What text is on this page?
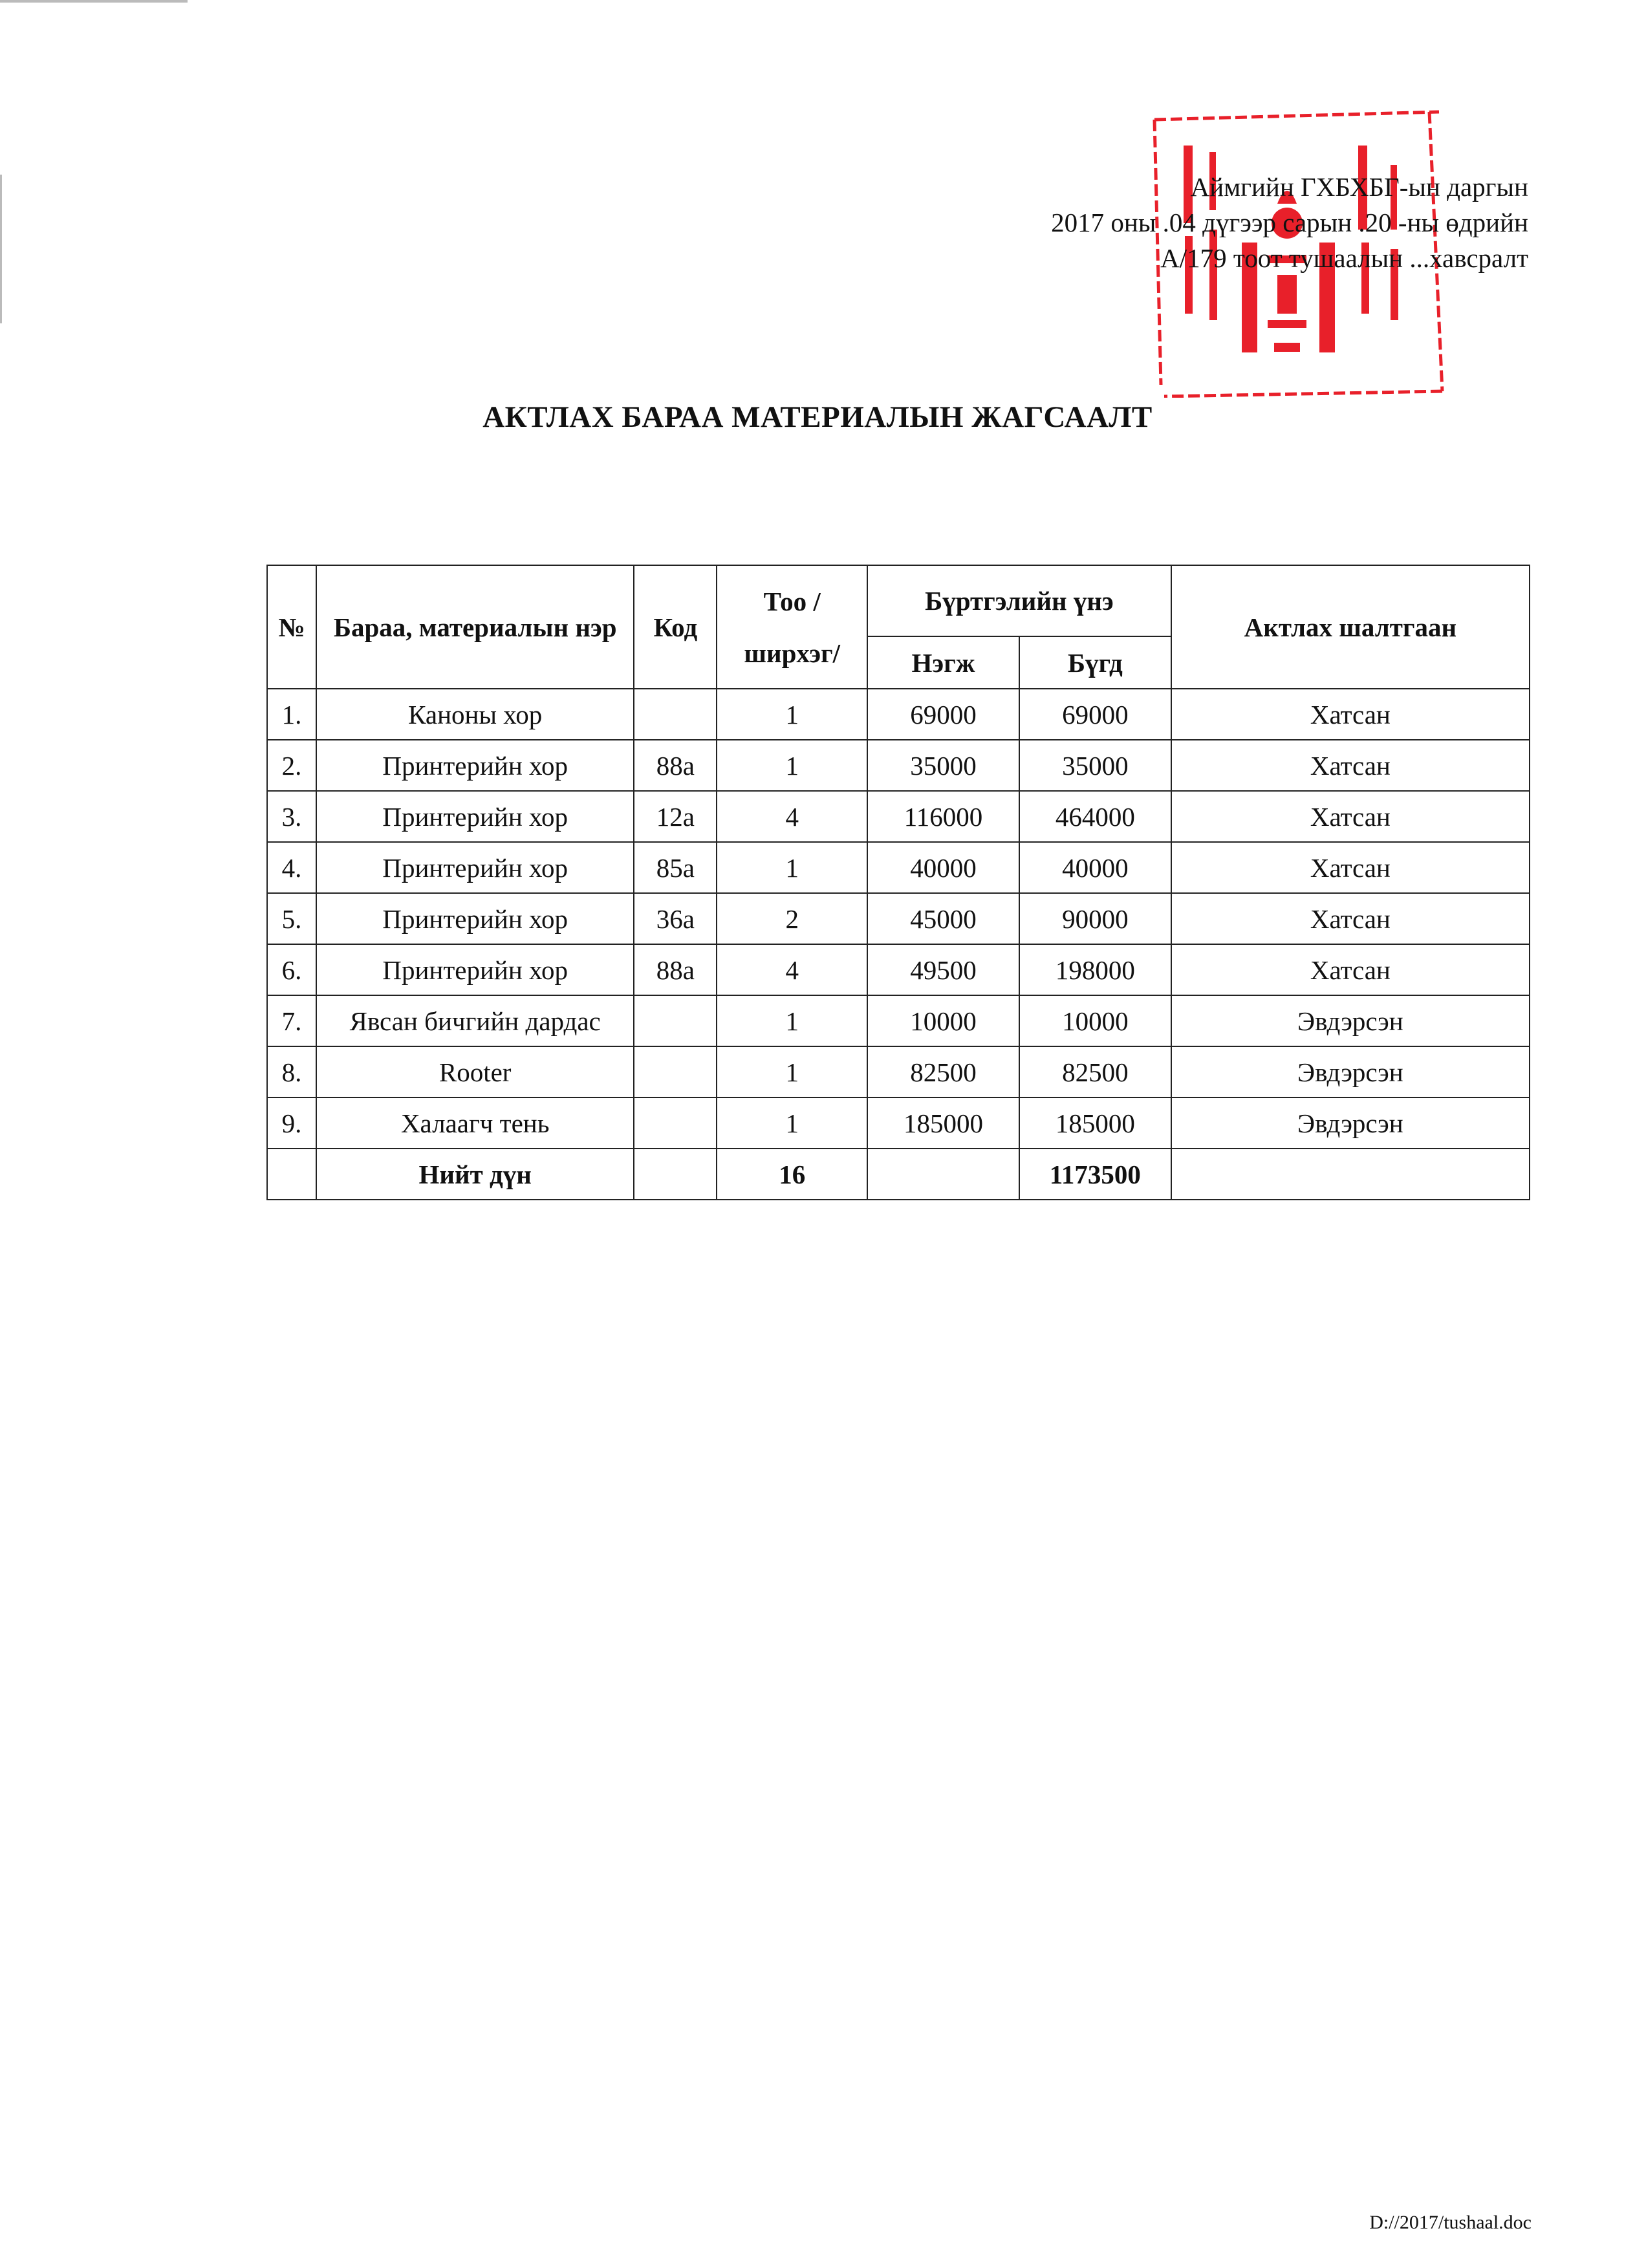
Аймгийн ГХБХБГ-ын даргын
2017 оны .04 дүгээр сарын .20 -ны өдрийн
А/179 тоот тушаалын ...хавсралт
АКТЛАХ БАРАА МАТЕРИАЛЫН ЖАГСААЛТ
№	Бараа, материалын нэр	Код	Тоо /ширхэг/	Бүртгэлийн үнэ		Актлах шалтгаан
				Нэгж	Бүгд	
1.	Каноны хор		1	69000	69000	Хатсан
2.	Принтерийн хор	88a	1	35000	35000	Хатсан
3.	Принтерийн хор	12a	4	116000	464000	Хатсан
4.	Принтерийн хор	85a	1	40000	40000	Хатсан
5.	Принтерийн хор	36a	2	45000	90000	Хатсан
6.	Принтерийн хор	88a	4	49500	198000	Хатсан
7.	Явсан бичгийн дардас		1	10000	10000	Эвдэрсэн
8.	Rooter		1	82500	82500	Эвдэрсэн
9.	Халаагч тень		1	185000	185000	Эвдэрсэн
	Нийт дүн		16		1173500	
D://2017/tushaal.doc
